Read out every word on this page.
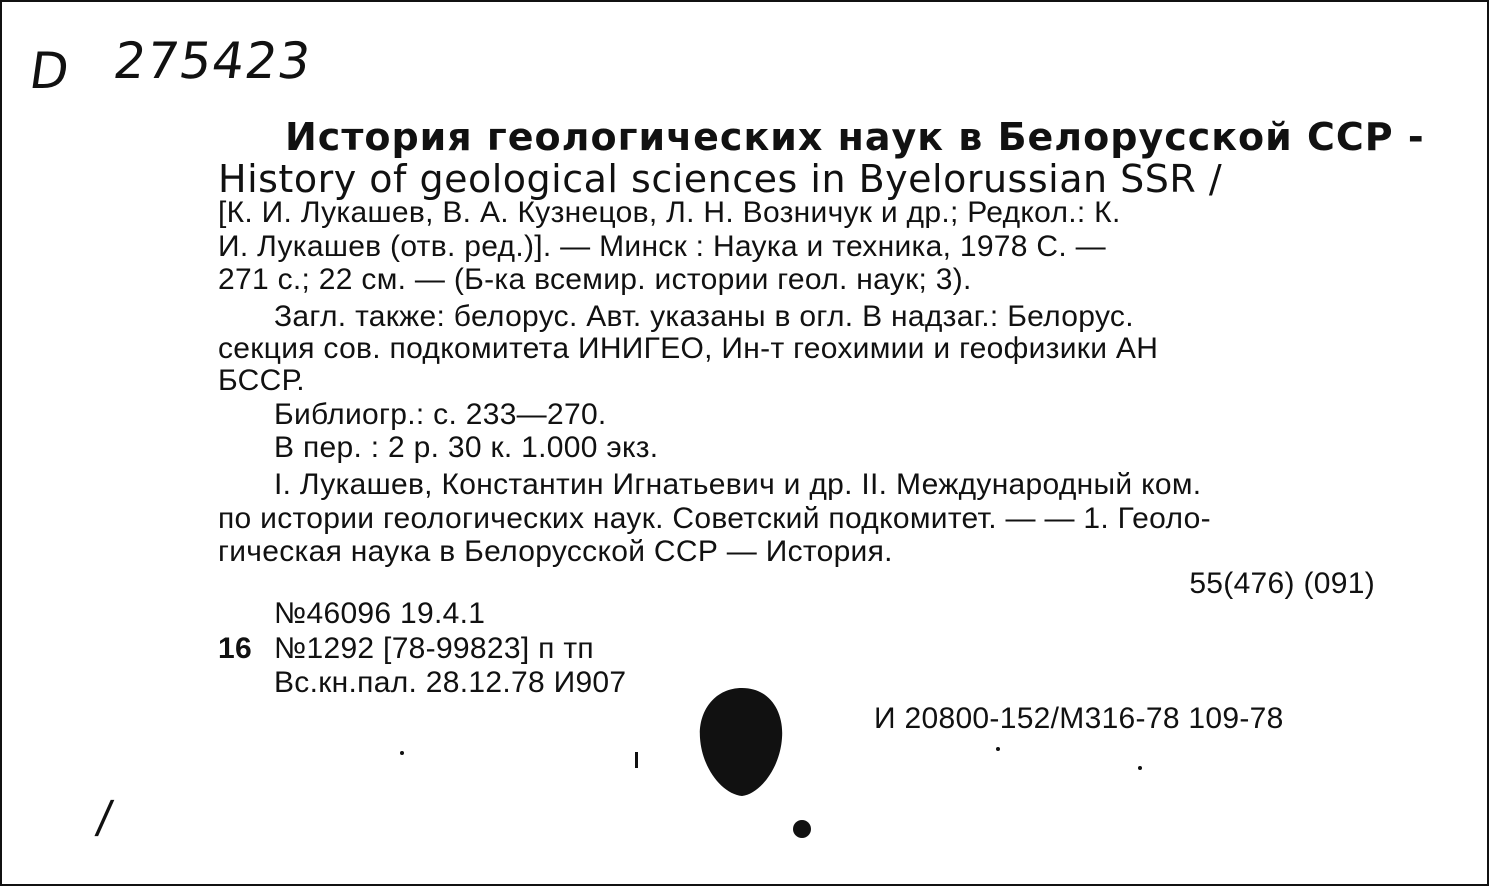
D 275423
История геологических наук в Белорусской ССР -
History of geological sciences in Byelorussian SSR /
[К. И. Лукашев, В. А. Кузнецов, Л. Н. Возничук и др.; Редкол.: К.
И. Лукашев (отв. ред.)]. — Минск : Наука и техника, 1978 С. —
271 с.; 22 см. — (Б-ка всемир. истории геол. наук; 3).
Загл. также: белорус. Авт. указаны в огл. В надзаг.: Белорус.
секция сов. подкомитета ИНИГЕО, Ин-т геохимии и геофизики АН
БССР.
Библиогр.: с. 233—270.
В пер. : 2 р. 30 к. 1.000 экз.
I. Лукашев, Константин Игнатьевич и др. II. Международный ком.
по истории геологических наук. Советский подкомитет. — — 1. Геоло-
гическая наука в Белорусской ССР — История.
55(476) (091)
№46096 19.4.1
16 №1292 [78-99823] п тп
Вс.кн.пал. 28.12.78 И907
И 20800-152/М316-78 109-78
/
